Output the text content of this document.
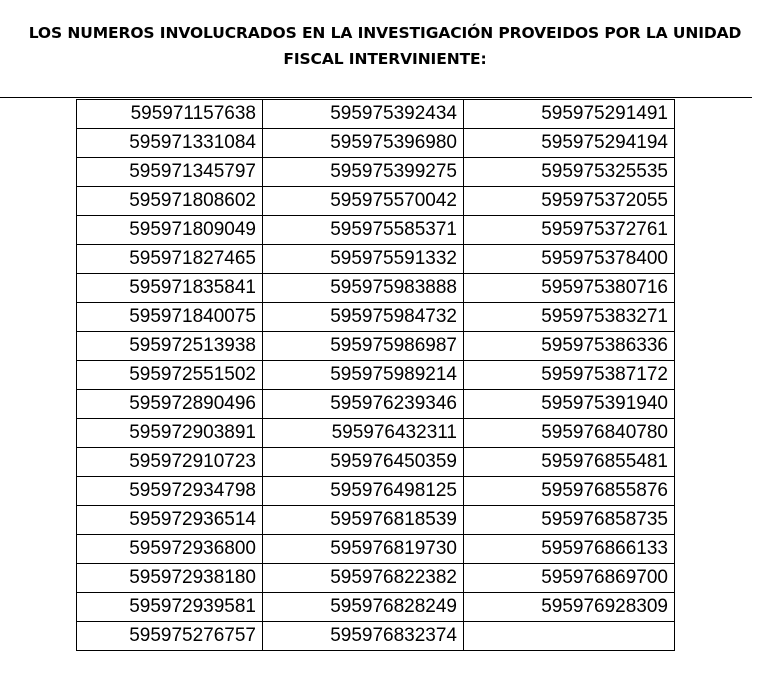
LOS NUMEROS INVOLUCRADOS EN LA INVESTIGACIÓN PROVEIDOS POR LA UNIDAD
FISCAL INTERVINIENTE:
595971157638	595975392434	595975291491
595971331084	595975396980	595975294194
595971345797	595975399275	595975325535
595971808602	595975570042	595975372055
595971809049	595975585371	595975372761
595971827465	595975591332	595975378400
595971835841	595975983888	595975380716
595971840075	595975984732	595975383271
595972513938	595975986987	595975386336
595972551502	595975989214	595975387172
595972890496	595976239346	595975391940
595972903891	595976432311	595976840780
595972910723	595976450359	595976855481
595972934798	595976498125	595976855876
595972936514	595976818539	595976858735
595972936800	595976819730	595976866133
595972938180	595976822382	595976869700
595972939581	595976828249	595976928309
595975276757	595976832374	
